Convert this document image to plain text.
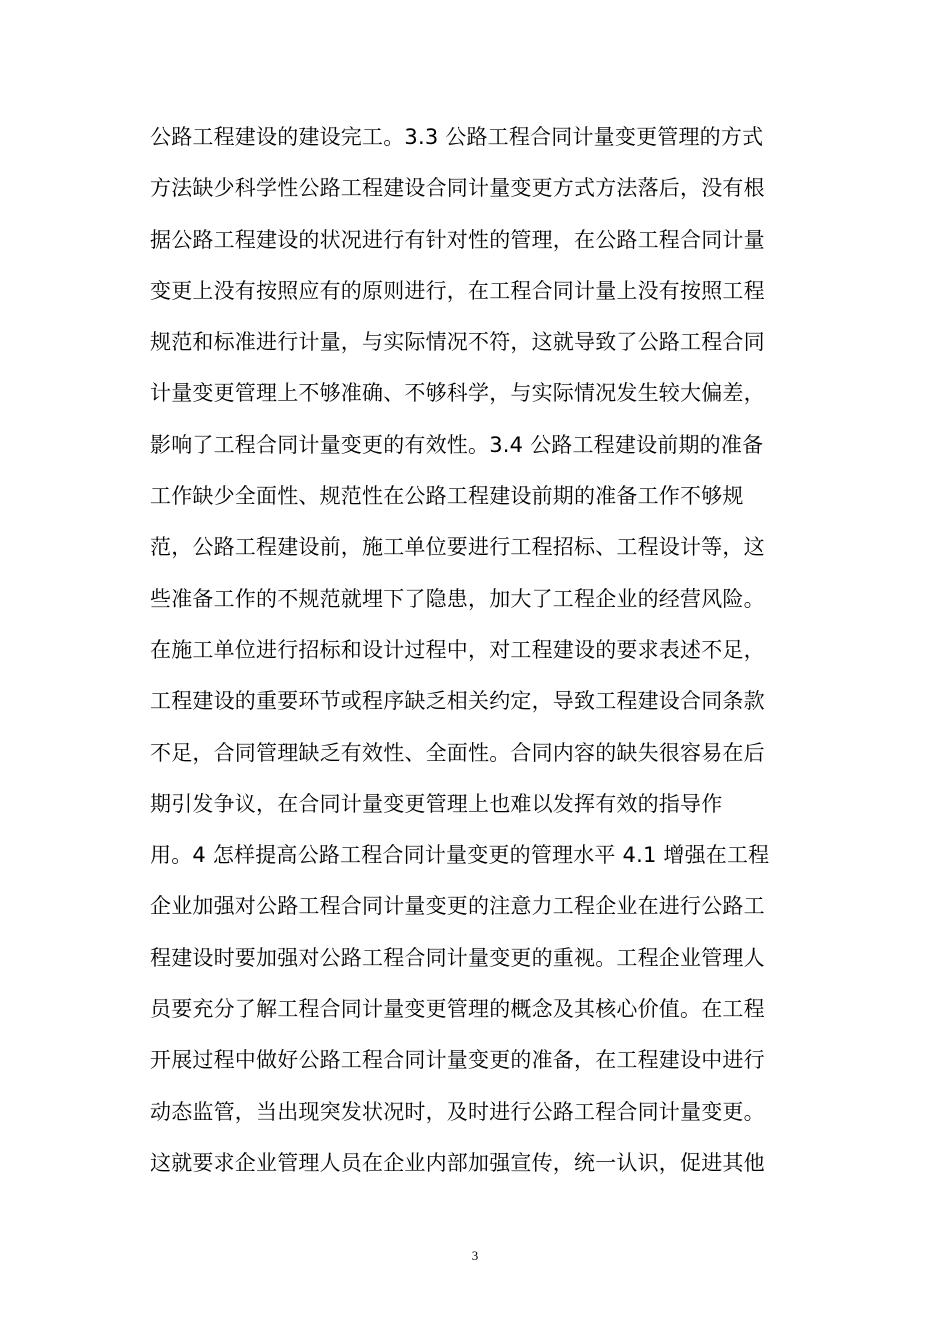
公路工程建设的建设完工。3.3 公路工程合同计量变更管理的方式
方法缺少科学性公路工程建设合同计量变更方式方法落后，没有根
据公路工程建设的状况进行有针对性的管理，在公路工程合同计量
变更上没有按照应有的原则进行，在工程合同计量上没有按照工程
规范和标准进行计量，与实际情况不符，这就导致了公路工程合同
计量变更管理上不够准确、不够科学，与实际情况发生较大偏差，
影响了工程合同计量变更的有效性。3.4 公路工程建设前期的准备
工作缺少全面性、规范性在公路工程建设前期的准备工作不够规
范，公路工程建设前，施工单位要进行工程招标、工程设计等，这
些准备工作的不规范就埋下了隐患，加大了工程企业的经营风险。
在施工单位进行招标和设计过程中，对工程建设的要求表述不足，
工程建设的重要环节或程序缺乏相关约定，导致工程建设合同条款
不足，合同管理缺乏有效性、全面性。合同内容的缺失很容易在后
期引发争议，在合同计量变更管理上也难以发挥有效的指导作
用。4 怎样提高公路工程合同计量变更的管理水平 4.1 增强在工程
企业加强对公路工程合同计量变更的注意力工程企业在进行公路工
程建设时要加强对公路工程合同计量变更的重视。工程企业管理人
员要充分了解工程合同计量变更管理的概念及其核心价值。在工程
开展过程中做好公路工程合同计量变更的准备，在工程建设中进行
动态监管，当出现突发状况时，及时进行公路工程合同计量变更。
这就要求企业管理人员在企业内部加强宣传，统一认识，促进其他
3
